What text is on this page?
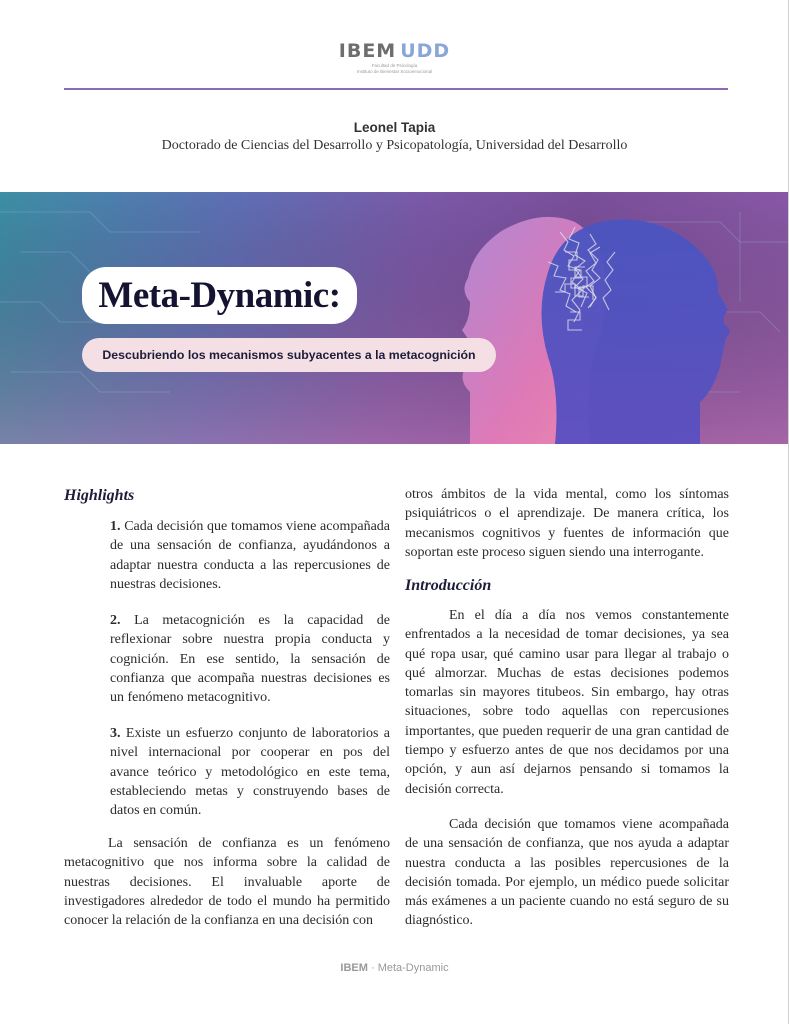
IBEM UDD
Facultad de Psicología
Instituto de Bienestar Socioemocional
Leonel Tapia
Doctorado de Ciencias del Desarrollo y Psicopatología, Universidad del Desarrollo
Meta-Dynamic:
Descubriendo los mecanismos subyacentes a la metacognición
Highlights

1. Cada decisión que tomamos viene acompañada de una sensación de confianza, ayudándonos a adaptar nuestra conducta a las repercusiones de nuestras decisiones.

2. La metacognición es la capacidad de reflexionar sobre nuestra propia conducta y cognición. En ese sentido, la sensación de confianza que acompaña nuestras decisiones es un fenómeno metacognitivo.

3. Existe un esfuerzo conjunto de laboratorios a nivel internacional por cooperar en pos del avance teórico y metodológico en este tema, estableciendo metas y construyendo bases de datos en común.

La sensación de confianza es un fenómeno metacognitivo que nos informa sobre la calidad de nuestras decisiones. El invaluable aporte de investigadores alrededor de todo el mundo ha permitido conocer la relación de la confianza en una decisión con

otros ámbitos de la vida mental, como los síntomas psiquiátricos o el aprendizaje. De manera crítica, los mecanismos cognitivos y fuentes de información que soportan este proceso siguen siendo una interrogante.

Introducción

En el día a día nos vemos constantemente enfrentados a la necesidad de tomar decisiones, ya sea qué ropa usar, qué camino usar para llegar al trabajo o qué almorzar. Muchas de estas decisiones podemos tomarlas sin mayores titubeos. Sin embargo, hay otras situaciones, sobre todo aquellas con repercusiones importantes, que pueden requerir de una gran cantidad de tiempo y esfuerzo antes de que nos decidamos por una opción, y aun así dejarnos pensando si tomamos la decisión correcta.

Cada decisión que tomamos viene acompañada de una sensación de confianza, que nos ayuda a adaptar nuestra conducta a las posibles repercusiones de la decisión tomada. Por ejemplo, un médico puede solicitar más exámenes a un paciente cuando no está seguro de su diagnóstico.

IBEM · Meta-Dynamic
